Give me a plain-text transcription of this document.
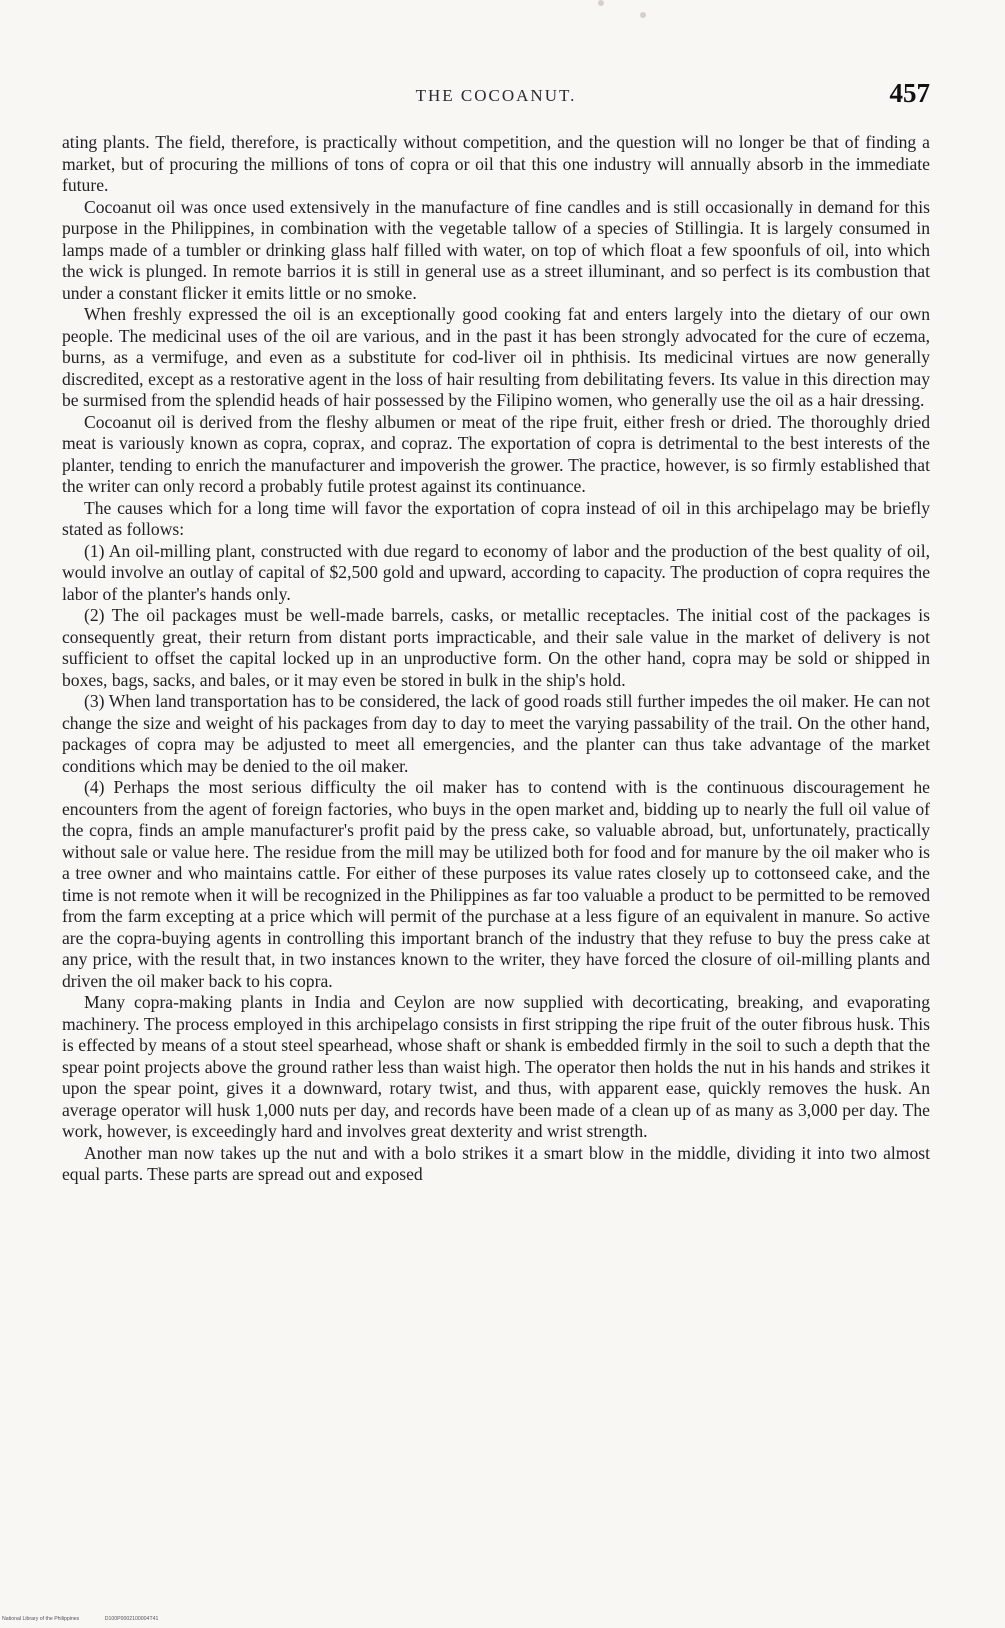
THE COCOANUT.	457

ating plants. The field, therefore, is practically without competition, and the question will no longer be that of finding a market, but of procuring the millions of tons of copra or oil that this one industry will annually absorb in the immediate future.

Cocoanut oil was once used extensively in the manufacture of fine candles and is still occasionally in demand for this purpose in the Philippines, in combination with the vegetable tallow of a species of Stillingia. It is largely consumed in lamps made of a tumbler or drinking glass half filled with water, on top of which float a few spoonfuls of oil, into which the wick is plunged. In remote barrios it is still in general use as a street illuminant, and so perfect is its combustion that under a constant flicker it emits little or no smoke.

When freshly expressed the oil is an exceptionally good cooking fat and enters largely into the dietary of our own people. The medicinal uses of the oil are various, and in the past it has been strongly advocated for the cure of eczema, burns, as a vermifuge, and even as a substitute for cod-liver oil in phthisis. Its medicinal virtues are now generally discredited, except as a restorative agent in the loss of hair resulting from debilitating fevers. Its value in this direction may be surmised from the splendid heads of hair possessed by the Filipino women, who generally use the oil as a hair dressing.

Cocoanut oil is derived from the fleshy albumen or meat of the ripe fruit, either fresh or dried. The thoroughly dried meat is variously known as copra, coprax, and copraz. The exportation of copra is detrimental to the best interests of the planter, tending to enrich the manufacturer and impoverish the grower. The practice, however, is so firmly established that the writer can only record a probably futile protest against its continuance.

The causes which for a long time will favor the exportation of copra instead of oil in this archipelago may be briefly stated as follows:

(1) An oil-milling plant, constructed with due regard to economy of labor and the production of the best quality of oil, would involve an outlay of capital of $2,500 gold and upward, according to capacity. The production of copra requires the labor of the planter's hands only.

(2) The oil packages must be well-made barrels, casks, or metallic receptacles. The initial cost of the packages is consequently great, their return from distant ports impracticable, and their sale value in the market of delivery is not sufficient to offset the capital locked up in an unproductive form. On the other hand, copra may be sold or shipped in boxes, bags, sacks, and bales, or it may even be stored in bulk in the ship's hold.

(3) When land transportation has to be considered, the lack of good roads still further impedes the oil maker. He can not change the size and weight of his packages from day to day to meet the varying passability of the trail. On the other hand, packages of copra may be adjusted to meet all emergencies, and the planter can thus take advantage of the market conditions which may be denied to the oil maker.

(4) Perhaps the most serious difficulty the oil maker has to contend with is the continuous discouragement he encounters from the agent of foreign factories, who buys in the open market and, bidding up to nearly the full oil value of the copra, finds an ample manufacturer's profit paid by the press cake, so valuable abroad, but, unfortunately, practically without sale or value here. The residue from the mill may be utilized both for food and for manure by the oil maker who is a tree owner and who maintains cattle. For either of these purposes its value rates closely up to cottonseed cake, and the time is not remote when it will be recognized in the Philippines as far too valuable a product to be permitted to be removed from the farm excepting at a price which will permit of the purchase at a less figure of an equivalent in manure. So active are the copra-buying agents in controlling this important branch of the industry that they refuse to buy the press cake at any price, with the result that, in two instances known to the writer, they have forced the closure of oil-milling plants and driven the oil maker back to his copra.

Many copra-making plants in India and Ceylon are now supplied with decorticating, breaking, and evaporating machinery. The process employed in this archipelago consists in first stripping the ripe fruit of the outer fibrous husk. This is effected by means of a stout steel spearhead, whose shaft or shank is embedded firmly in the soil to such a depth that the spear point projects above the ground rather less than waist high. The operator then holds the nut in his hands and strikes it upon the spear point, gives it a downward, rotary twist, and thus, with apparent ease, quickly removes the husk. An average operator will husk 1,000 nuts per day, and records have been made of a clean up of as many as 3,000 per day. The work, however, is exceedingly hard and involves great dexterity and wrist strength.

Another man now takes up the nut and with a bolo strikes it a smart blow in the middle, dividing it into two almost equal parts. These parts are spread out and exposed

National Library of the Philippines	D100P0002100004T41
